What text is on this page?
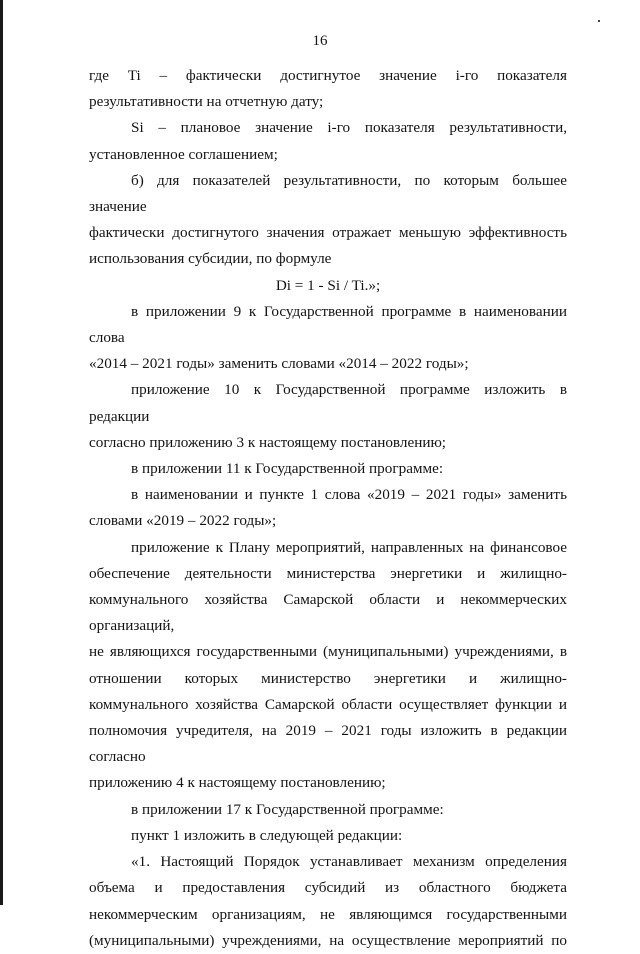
16

где Ti – фактически достигнутое значение i-го показателя

результативности на отчетную дату;

Si – плановое значение i-го показателя результативности,

установленное соглашением;

б) для показателей результативности, по которым большее значение

фактически достигнутого значения отражает меньшую эффективность

использования субсидии, по формуле

Di = 1 - Si / Ti.»;

в приложении 9 к Государственной программе в наименовании слова

«2014 – 2021 годы» заменить словами «2014 – 2022 годы»;

приложение 10 к Государственной программе изложить в редакции

согласно приложению 3 к настоящему постановлению;

в приложении 11 к Государственной программе:

в наименовании и пункте 1 слова «2019 – 2021 годы» заменить

словами «2019 – 2022 годы»;

приложение к Плану мероприятий, направленных на финансовое

обеспечение деятельности министерства энергетики и жилищно-

коммунального хозяйства Самарской области и некоммерческих организаций,

не являющихся государственными (муниципальными) учреждениями, в

отношении которых министерство энергетики и жилищно-

коммунального хозяйства Самарской области осуществляет функции и

полномочия учредителя, на 2019 – 2021 годы изложить в редакции согласно

приложению 4 к настоящему постановлению;

в приложении 17 к Государственной программе:

пункт 1 изложить в следующей редакции:

«1. Настоящий Порядок устанавливает механизм определения

объема и предоставления субсидий из областного бюджета

некоммерческим организациям, не являющимся государственными

(муниципальными) учреждениями, на осуществление мероприятий по
